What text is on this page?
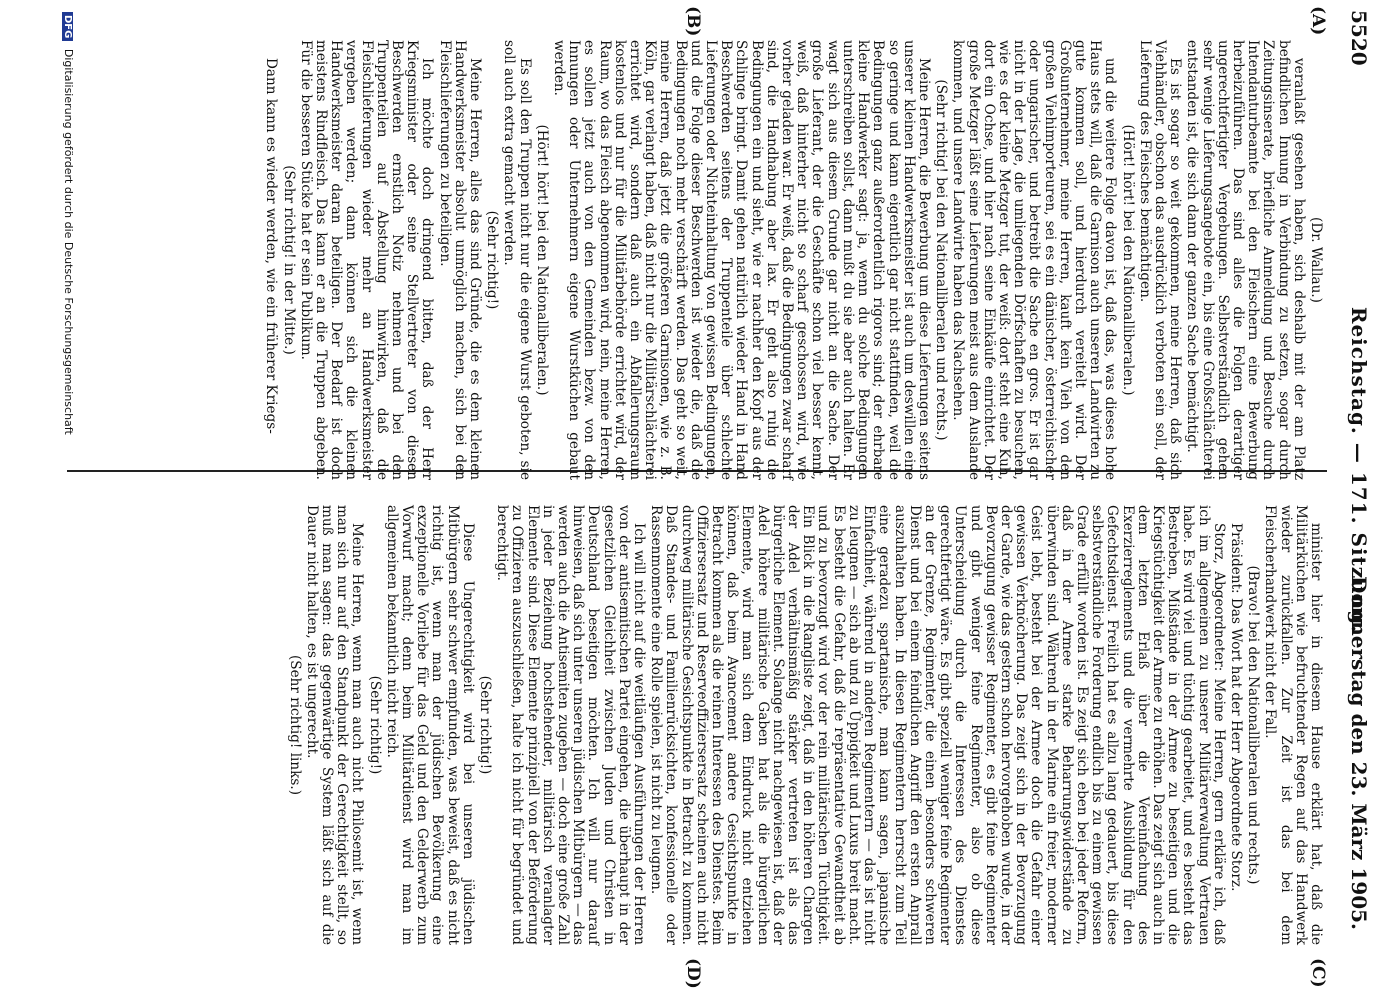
5520
Reichstag. — 171. Sitzung.
Donnerstag den 23. März 1905.
(A)
(B)
(C)
(D)

(Dr. Wallau.)

veranlaßt gesehen haben, sich deshalb mit der am Platz befindlichen Innung in Verbindung zu setzen, sogar durch Zeitungsinserate, briefliche Anmeldung und Besuche durch Intendanturbeamte bei den Fleischern eine Bewerbung herbeizuführen. Das sind alles die Folgen derartiger ungerechtfertigter Vergebungen. Selbstverständlich gehen sehr wenige Lieferungsangebote ein, bis eine Großschlächterei entstanden ist, die sich dann der ganzen Sache bemächtigt.

Es ist sogar so weit gekommen, meine Herren, daß sich Viehhändler, obschon das ausdrücklich verboten sein soll, der Lieferung des Fleisches bemächtigen.

(Hört! hört! bei den Nationalliberalen.)

und die weitere Folge davon ist, daß das, was dieses hohe Haus stets will, daß die Garnison auch unseren Landwirten zu gute kommen soll, und hierdurch vereitelt wird. Der Großunternehmer, meine Herren, kauft kein Vieh von den großen Viehimporteuren, sei es ein dänischer, österreichischer oder ungarischer, und betreibt die Sache en gros. Er ist gar nicht in der Lage, die umliegenden Dörfschaften zu besuchen, wie es der kleine Metzger tut, der weiß: dort steht eine Kuh, dort ein Ochse, und hier nach seine Einkäufe einrichtet. Der große Metzger läßt seine Lieferungen meist aus dem Auslande kommen, und unsere Landwirte haben das Nachsehen.

(Sehr richtig! bei den Nationalliberalen und rechts.)

Meine Herren, die Bewerbung um diese Lieferungen seitens unserer kleinen Handwerksmeister ist auch um deswillen eine so geringe und kann eigentlich gar nicht stattfinden, weil die Bedingungen ganz außerordentlich rigoros sind; der ehrbare kleine Handwerker sagt: ja, wenn du solche Bedingungen unterschreiben sollst, dann mußt du sie aber auch halten. Er wagt sich aus diesem Grunde gar nicht an die Sache. Der große Lieferant, der die Geschäfte schon viel besser kennt, weiß, daß hinterher nicht so scharf geschossen wird, wie vorher geladen war. Er weiß, daß die Bedingungen zwar scharf sind, die Handhabung aber lax. Er geht also ruhig die Bedingungen ein und sieht, wie er nachher den Kopf aus der Schlinge bringt. Damit gehen natürlich wieder Hand in Hand Beschwerden seitens der Truppenteile über schlechte Lieferungen oder Nichteinhaltung von gewissen Bedingungen, und die Folge dieser Beschwerden ist wieder die, daß die Bedingungen noch mehr verschärft werden. Das geht so weit, meine Herren, daß jetzt die größeren Garnisonen, wie z. B. Köln, gar verlangt haben, daß nicht nur die Militärschlächterei errichtet wird, sondern daß auch ein Abfallerungsraum kostenlos und nur für die Militärbehörde errichtet wird, der Raum, wo das Fleisch abgenommen wird, nein, meine Herren, es sollen jetzt auch von den Gemeinden bezw. von den Innungen oder Unternehmern eigene Wurstküchen gebaut werden.

(Hört! hört! bei den Nationalliberalen.)

Es soll den Truppen nicht nur die eigene Wurst geboten, sie soll auch extra gemacht werden.

(Sehr richtig!)

Meine Herren, alles das sind Gründe, die es dem kleinen Handwerksmeister absolut unmöglich machen, sich bei den Fleischlieferungen zu beteiligen.

Ich möchte doch dringend bitten, daß der Herr Kriegsminister oder seine Stellvertreter von diesen Beschwerden ernstlich Notiz nehmen und bei den Truppenteilen auf Abstellung hinwirken, daß die Fleischlieferungen wieder mehr an Handwerksmeister vergeben werden; dann können sich die kleinen Handwerksmeister daran beteiligen. Der Bedarf ist doch meistens Rindfleisch. Das kann er an die Truppen abgeben. Für die besseren Stücke hat er sein Publikum.

(Sehr richtig! in der Mitte.)

Dann kann es wieder werden, wie ein früherer Kriegs-

minister hier in diesem Hause erklärt hat, daß die Militärküchen wie befruchtender Regen auf das Handwerk wieder zurückfallen. Zur Zeit ist das bei dem Fleischerhandwerk nicht der Fall.

(Bravo! bei den Nationalliberalen und rechts.)

Präsident: Das Wort hat der Herr Abgeordnete Storz.

Storz, Abgeordneter: Meine Herren, gern erkläre ich, daß ich im allgemeinen zu unserer Militärverwaltung Vertrauen habe. Es wird viel und tüchtig gearbeitet, und es besteht das Bestreben, Mißstände in der Armee zu beseitigen und die Kriegstüchtigkeit der Armee zu erhöhen. Das zeigt sich auch in dem letzten Erlaß über die Vereinfachung des Exerzierreglements und die vermehrte Ausbildung für den Gefechtsdienst. Freilich hat es allzu lang gedauert, bis diese selbstverständliche Forderung endlich bis zu einem gewissen Grade erfüllt worden ist. Es zeigt sich eben bei jeder Reform, daß in der Armee starke Beharrungswiderstände zu überwinden sind. Während in der Marine ein freier, moderner Geist lebt, besteht bei der Armee doch die Gefahr einer gewissen Verknöcherung. Das zeigt sich in der Bevorzugung der Garde, wie das gestern schon hervorgehoben wurde, in der Bevorzugung gewisser Regimenter, es gibt feine Regimenter und gibt weniger feine Regimenter, also ob diese Unterscheidung durch die Interessen des Dienstes gerechtfertigt wäre. Es gibt speziell weniger feine Regimenter an der Grenze, Regimenter, die einen besonders schweren Dienst und bei einem feindlichen Angriff den ersten Anprall auszuhalten haben. In diesen Regimentern herrscht zum Teil eine geradezu spartanische, man kann sagen, japanische Einfachheit, während in anderen Regimentern — das ist nicht zu leugnen — sich ab und zu Üppigkeit und Luxus breit macht. Es besteht die Gefahr, daß die repräsentative Gewandtheit ab und zu bevorzugt wird vor der rein militärischen Tüchtigkeit. Ein Blick in die Rangliste zeigt, daß in den höheren Chargen der Adel verhältnismäßig stärker vertreten ist als das bürgerliche Element. Solange nicht nachgewiesen ist, daß der Adel höhere militärische Gaben hat als die bürgerlichen Elemente, wird man sich dem Eindruck nicht entziehen können, daß beim Avancement andere Gesichtspunkte in Betracht kommen als die reinen Interessen des Dienstes. Beim Offiziersersatz und Reserveoffiziersersatz scheinen auch nicht durchweg militärische Gesichtspunkte in Betracht zu kommen. Daß Standes- und Familienrücksichten, konfessionelle oder Rassenmomente eine Rolle spielen, ist nicht zu leugnen.

Ich will nicht auf die weitläufigen Ausführungen der Herren von der antisemitischen Partei eingehen, die überhaupt in der gesetzlichen Gleichheit zwischen Juden und Christen in Deutschland beseitigen möchten. Ich will nur darauf hinweisen, daß sich unter unseren jüdischen Mitbürgern — das werden auch die Antisemiten zugeben — doch eine große Zahl in jeder Beziehung hochstehender, militärisch veranlagter Elemente sind. Diese Elemente prinzipiell von der Beförderung zu Offizieren auszuschließen, halte ich nicht für begründet und berechtigt.

(Sehr richtig!)

Diese Ungerechtigkeit wird bei unseren jüdischen Mitbürgern sehr schwer empfunden, was beweist, daß es nicht richtig ist, wenn man der jüdischen Bevölkerung eine exzeptionelle Vorliebe für das Geld und den Gelderwerb zum Vorwurf macht; denn beim Militärdienst wird man im allgemeinen bekanntlich nicht reich.

(Sehr richtig!)

Meine Herren, wenn man auch nicht Philosemit ist, wenn man sich nur auf den Standpunkt der Gerechtigkeit stellt, so muß man sagen: das gegenwärtige System läßt sich auf die Dauer nicht halten, es ist ungerecht.

(Sehr richtig! links.)

DFG Digitalisierung gefördert durch die Deutsche Forschungsgemeinschaft
